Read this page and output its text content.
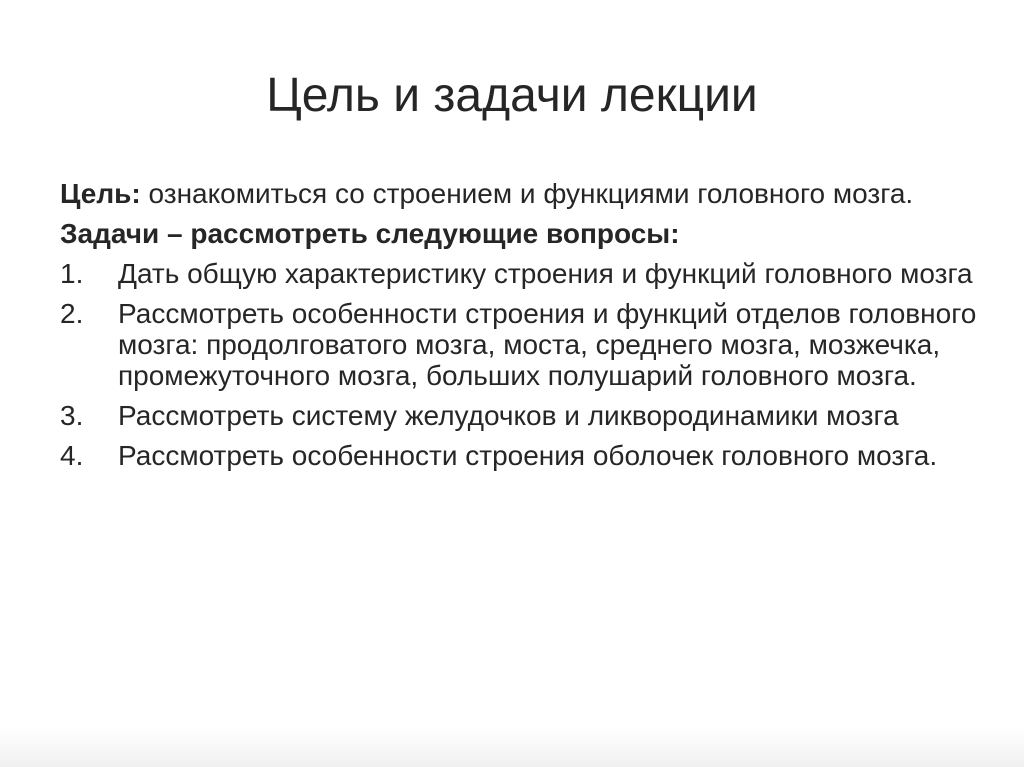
Цель и задачи лекции

Цель: ознакомиться со строением и функциями головного мозга.

Задачи – рассмотреть следующие вопросы:

1. Дать общую характеристику строения и функций головного мозга
2. Рассмотреть особенности строения и функций отделов головного мозга: продолговатого мозга, моста, среднего мозга, мозжечка, промежуточного мозга, больших полушарий головного мозга.
3. Рассмотреть систему желудочков и ликвородинамики мозга
4. Рассмотреть особенности строения оболочек головного мозга.
